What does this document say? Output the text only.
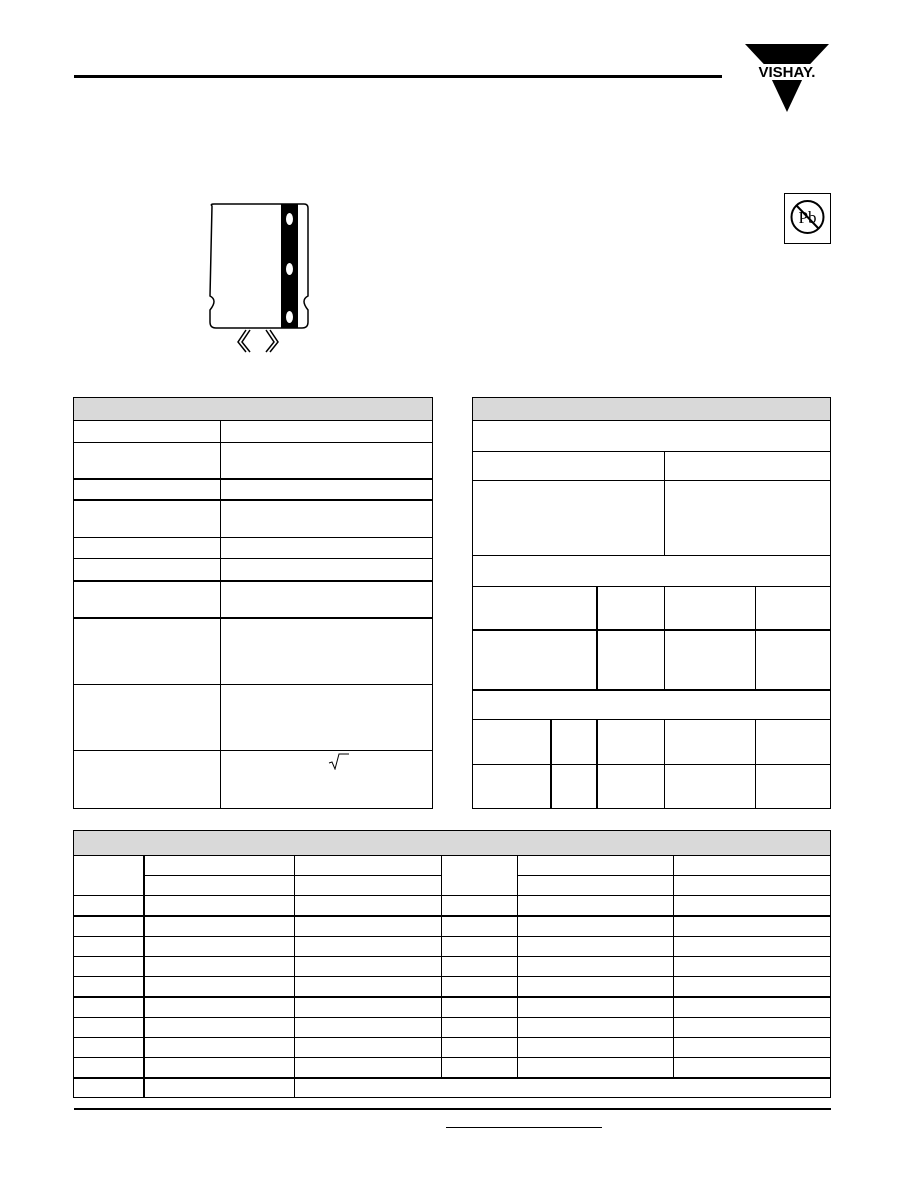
VISHAY.
Pb
